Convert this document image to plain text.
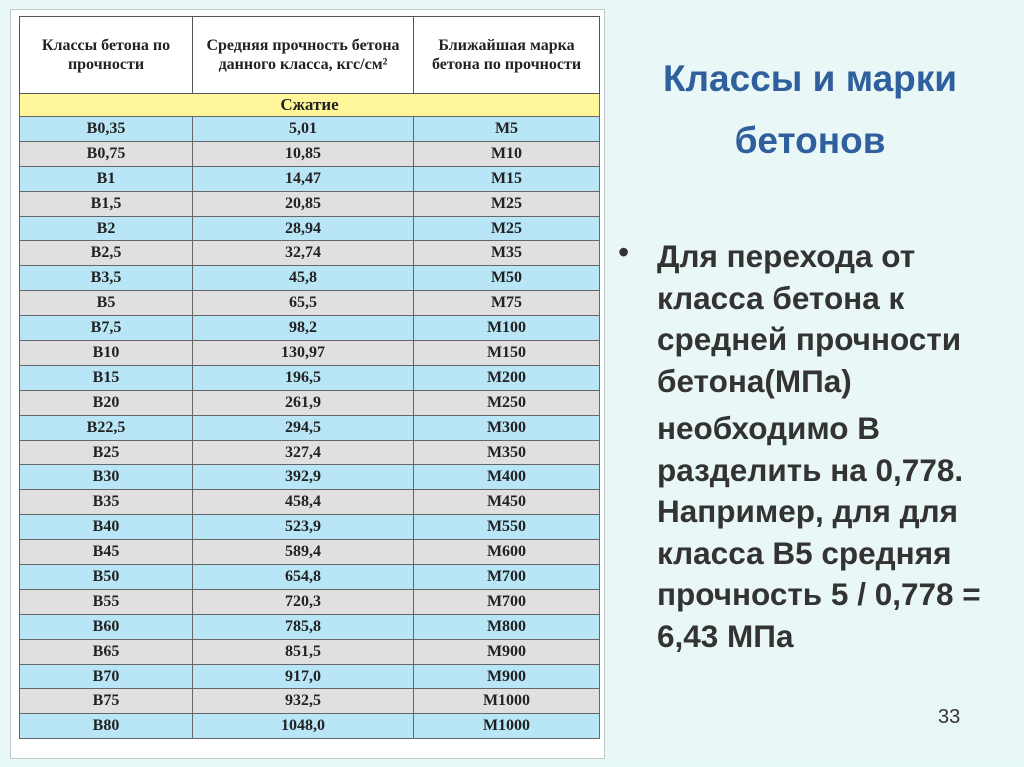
Классы бетона по прочности	Средняя прочность бетона данного класса, кгс/см²	Ближайшая марка бетона по прочности
Сжатие		
B0,35	5,01	M5
B0,75	10,85	M10
B1	14,47	M15
B1,5	20,85	M25
B2	28,94	M25
B2,5	32,74	M35
B3,5	45,8	M50
B5	65,5	M75
B7,5	98,2	M100
B10	130,97	M150
B15	196,5	M200
B20	261,9	M250
B22,5	294,5	M300
B25	327,4	M350
B30	392,9	M400
B35	458,4	M450
B40	523,9	M550
B45	589,4	M600
B50	654,8	M700
B55	720,3	M700
B60	785,8	M800
B65	851,5	M900
B70	917,0	M900
B75	932,5	M1000
B80	1048,0	M1000
Классы и марки бетонов
• Для перехода от класса бетона к средней прочности бетона(МПа)

необходимо В разделить на 0,778. Например, для для класса В5 средняя прочность 5 / 0,778 = 6,43 МПа

33
